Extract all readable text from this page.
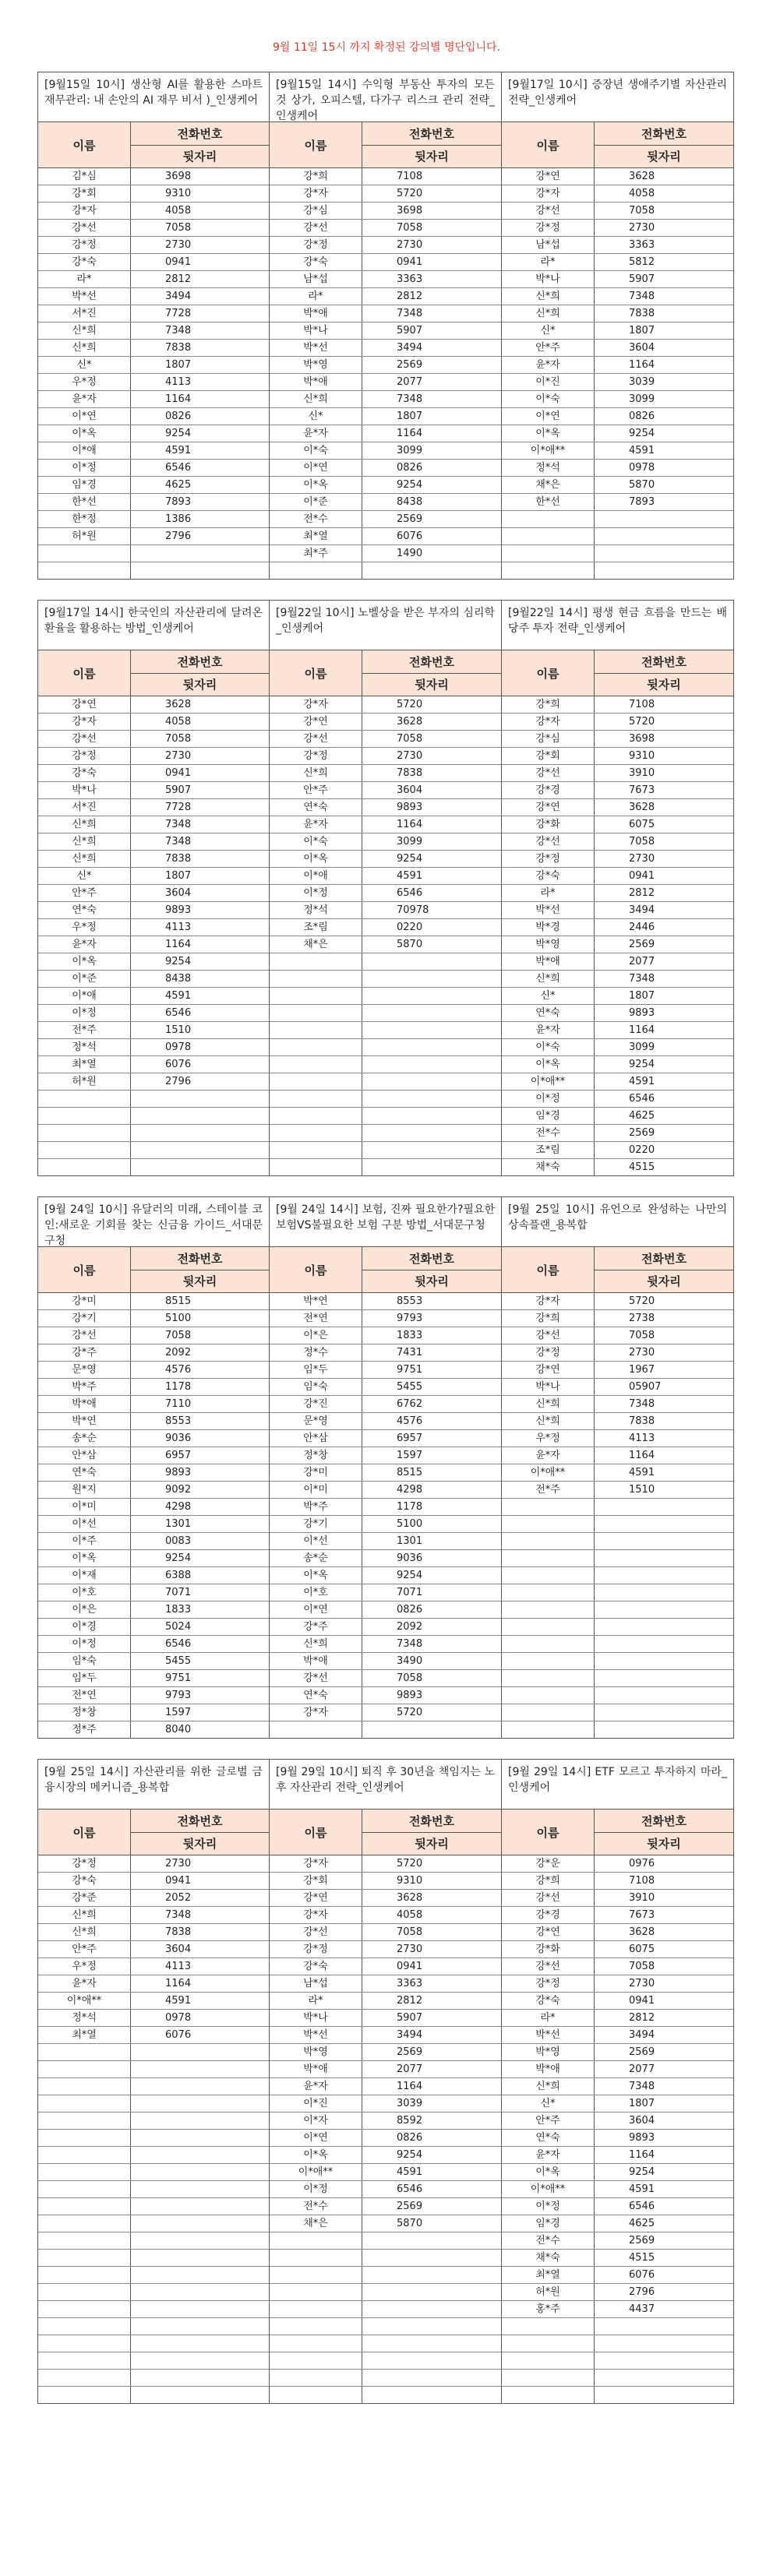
9월 11일 15시 까지 확정된 강의별 명단입니다.
[9월15일 10시] 생산형 AI를 활용한 스마트 재무관리: 내 손안의 AI 재무 비서 )_인생케어
이름
전화번호
뒷자리
김*심	3698
강*회	9310
강*자	4058
강*선	7058
강*정	2730
강*숙	0941
라*	2812
박*선	3494
서*진	7728
신*희	7348
신*희	7838
신*	1807
우*정	4113
윤*자	1164
이*연	0826
이*옥	9254
이*애	4591
이*정	6546
임*경	4625
한*선	7893
한*정	1386
허*원	2796
[9월15일 14시] 수익형 부동산 투자의 모든 것 상가, 오피스텔, 다가구 리스크 관리 전략_인생케어
이름
전화번호
뒷자리
강*희	7108
강*자	5720
강*심	3698
강*선	7058
강*정	2730
강*숙	0941
남*섭	3363
라*	2812
박*애	7348
박*나	5907
박*선	3494
박*영	2569
박*애	2077
신*희	7348
신*	1807
윤*자	1164
이*숙	3099
이*연	0826
이*옥	9254
이*준	8438
전*수	2569
최*열	6076
최*주	1490
[9월17일 10시] 증장년 생애주기별 자산관리 전략_인생케어
이름
전화번호
뒷자리
강*연	3628
강*자	4058
강*선	7058
강*정	2730
남*섭	3363
라*	5812
박*나	5907
신*희	7348
신*희	7838
신*	1807
안*주	3604
윤*자	1164
이*진	3039
이*숙	3099
이*연	0826
이*옥	9254
이*애**	4591
정*석	0978
채*은	5870
한*선	7893
[9월17일 14시] 한국인의 자산관리에 달려온 환율을 활용하는 방법_인생케어
이름
전화번호
뒷자리
강*연	3628
강*자	4058
강*선	7058
강*정	2730
강*숙	0941
박*나	5907
서*진	7728
신*희	7348
신*희	7348
신*희	7838
신*	1807
안*주	3604
연*숙	9893
우*정	4113
윤*자	1164
이*옥	9254
이*준	8438
이*애	4591
이*정	6546
전*주	1510
정*석	0978
최*열	6076
허*원	2796
[9월22일 10시] 노벨상을 받은 부자의 심리학_인생케어
이름
전화번호
뒷자리
강*자	5720
강*연	3628
강*선	7058
강*정	2730
신*희	7838
안*주	3604
연*숙	9893
윤*자	1164
이*숙	3099
이*옥	9254
이*애	4591
이*정	6546
정*석	70978
조*림	0220
채*은	5870
[9월22일 14시] 평생 현금 흐름을 만드는 배당주 투자 전략_인생케어
이름
전화번호
뒷자리
강*희	7108
강*자	5720
강*심	3698
강*회	9310
강*선	3910
강*경	7673
강*연	3628
강*화	6075
강*선	7058
강*정	2730
강*숙	0941
라*	2812
박*선	3494
박*경	2446
박*영	2569
박*애	2077
신*희	7348
신*	1807
연*숙	9893
윤*자	1164
이*숙	3099
이*옥	9254
이*애**	4591
이*정	6546
임*경	4625
전*수	2569
조*림	0220
채*숙	4515
[9월 24일 10시] 유달러의 미래, 스테이블 코인:새로운 기회를 찾는 신금융 가이드_서대문구청
이름
전화번호
뒷자리
강*미	8515
강*기	5100
강*선	7058
강*주	2092
문*영	4576
박*주	1178
박*애	7110
박*연	8553
송*순	9036
안*삼	6957
연*숙	9893
원*지	9092
이*미	4298
이*선	1301
이*주	0083
이*옥	9254
이*재	6388
이*호	7071
이*은	1833
이*경	5024
이*정	6546
임*숙	5455
임*두	9751
전*연	9793
정*창	1597
정*주	8040
[9월 24일 14시] 보험, 진짜 필요한가?필요한 보험VS불필요한 보험 구분 방법_서대문구청
이름
전화번호
뒷자리
박*연	8553
전*연	9793
이*은	1833
정*수	7431
임*두	9751
임*숙	5455
강*진	6762
문*영	4576
안*삼	6957
정*창	1597
강*미	8515
이*미	4298
박*주	1178
강*기	5100
이*선	1301
송*순	9036
이*옥	9254
이*호	7071
이*연	0826
강*주	2092
신*희	7348
박*애	3490
강*선	7058
연*숙	9893
강*자	5720
[9월 25일 10시] 유언으로 완성하는 나만의 상속플랜_용복합
이름
전화번호
뒷자리
강*자	5720
강*희	2738
강*선	7058
강*정	2730
강*연	1967
박*나	05907
신*희	7348
신*희	7838
우*정	4113
윤*자	1164
이*애**	4591
전*주	1510
[9월 25일 14시] 자산관리를 위한 글로벌 금융시장의 메커니즘_용복합
이름
전화번호
뒷자리
강*정	2730
강*숙	0941
강*준	2052
신*희	7348
신*희	7838
안*주	3604
우*정	4113
윤*자	1164
이*애**	4591
정*석	0978
최*열	6076
[9월 29일 10시] 퇴직 후 30년을 책임지는 노후 자산관리 전략_인생케어
이름
전화번호
뒷자리
강*자	5720
강*회	9310
강*연	3628
강*자	4058
강*선	7058
강*정	2730
강*숙	0941
남*섭	3363
라*	2812
박*나	5907
박*선	3494
박*영	2569
박*애	2077
윤*자	1164
이*진	3039
이*자	8592
이*연	0826
이*옥	9254
이*애**	4591
이*정	6546
전*수	2569
채*은	5870
[9월 29일 14시] ETF 모르고 투자하지 마라_인생케어
이름
전화번호
뒷자리
강*운	0976
강*희	7108
강*선	3910
강*경	7673
강*연	3628
강*화	6075
강*선	7058
강*정	2730
강*숙	0941
라*	2812
박*선	3494
박*영	2569
박*애	2077
신*희	7348
신*	1807
안*주	3604
연*숙	9893
윤*자	1164
이*옥	9254
이*애**	4591
이*정	6546
임*경	4625
전*수	2569
채*숙	4515
최*열	6076
허*원	2796
홍*주	4437
